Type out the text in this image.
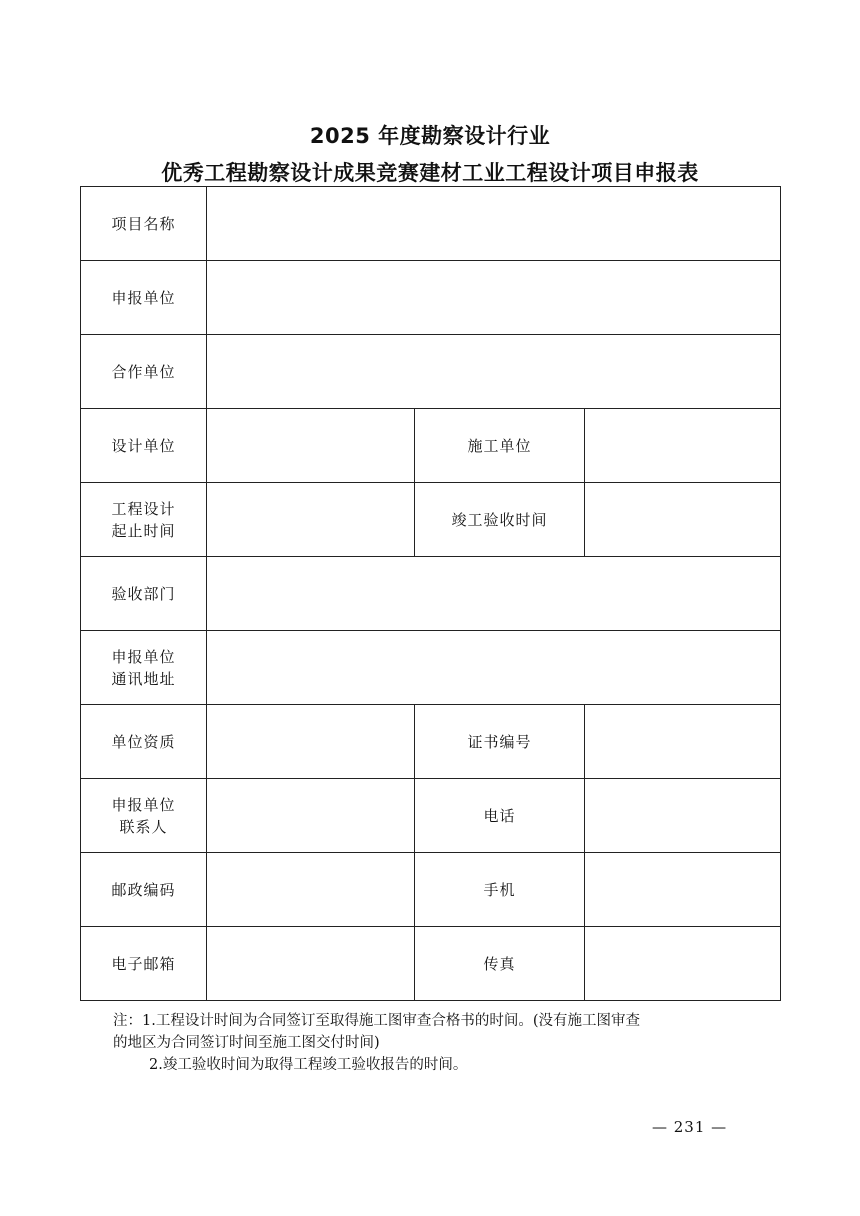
2025 年度勘察设计行业
优秀工程勘察设计成果竞赛建材工业工程设计项目申报表
项目名称			
申报单位			
合作单位			
设计单位		施工单位	

工程设计
起止时间		竣工验收时间	
验收部门			

申报单位
通讯地址			

单位资质		证书编号	

申报单位
联系人		电话	
邮政编码		手机	
电子邮箱		传真	
注：1.工程设计时间为合同签订至取得施工图审查合格书的时间。(没有施工图审查
的地区为合同签订时间至施工图交付时间)
2.竣工验收时间为取得工程竣工验收报告的时间。
— 231 —
